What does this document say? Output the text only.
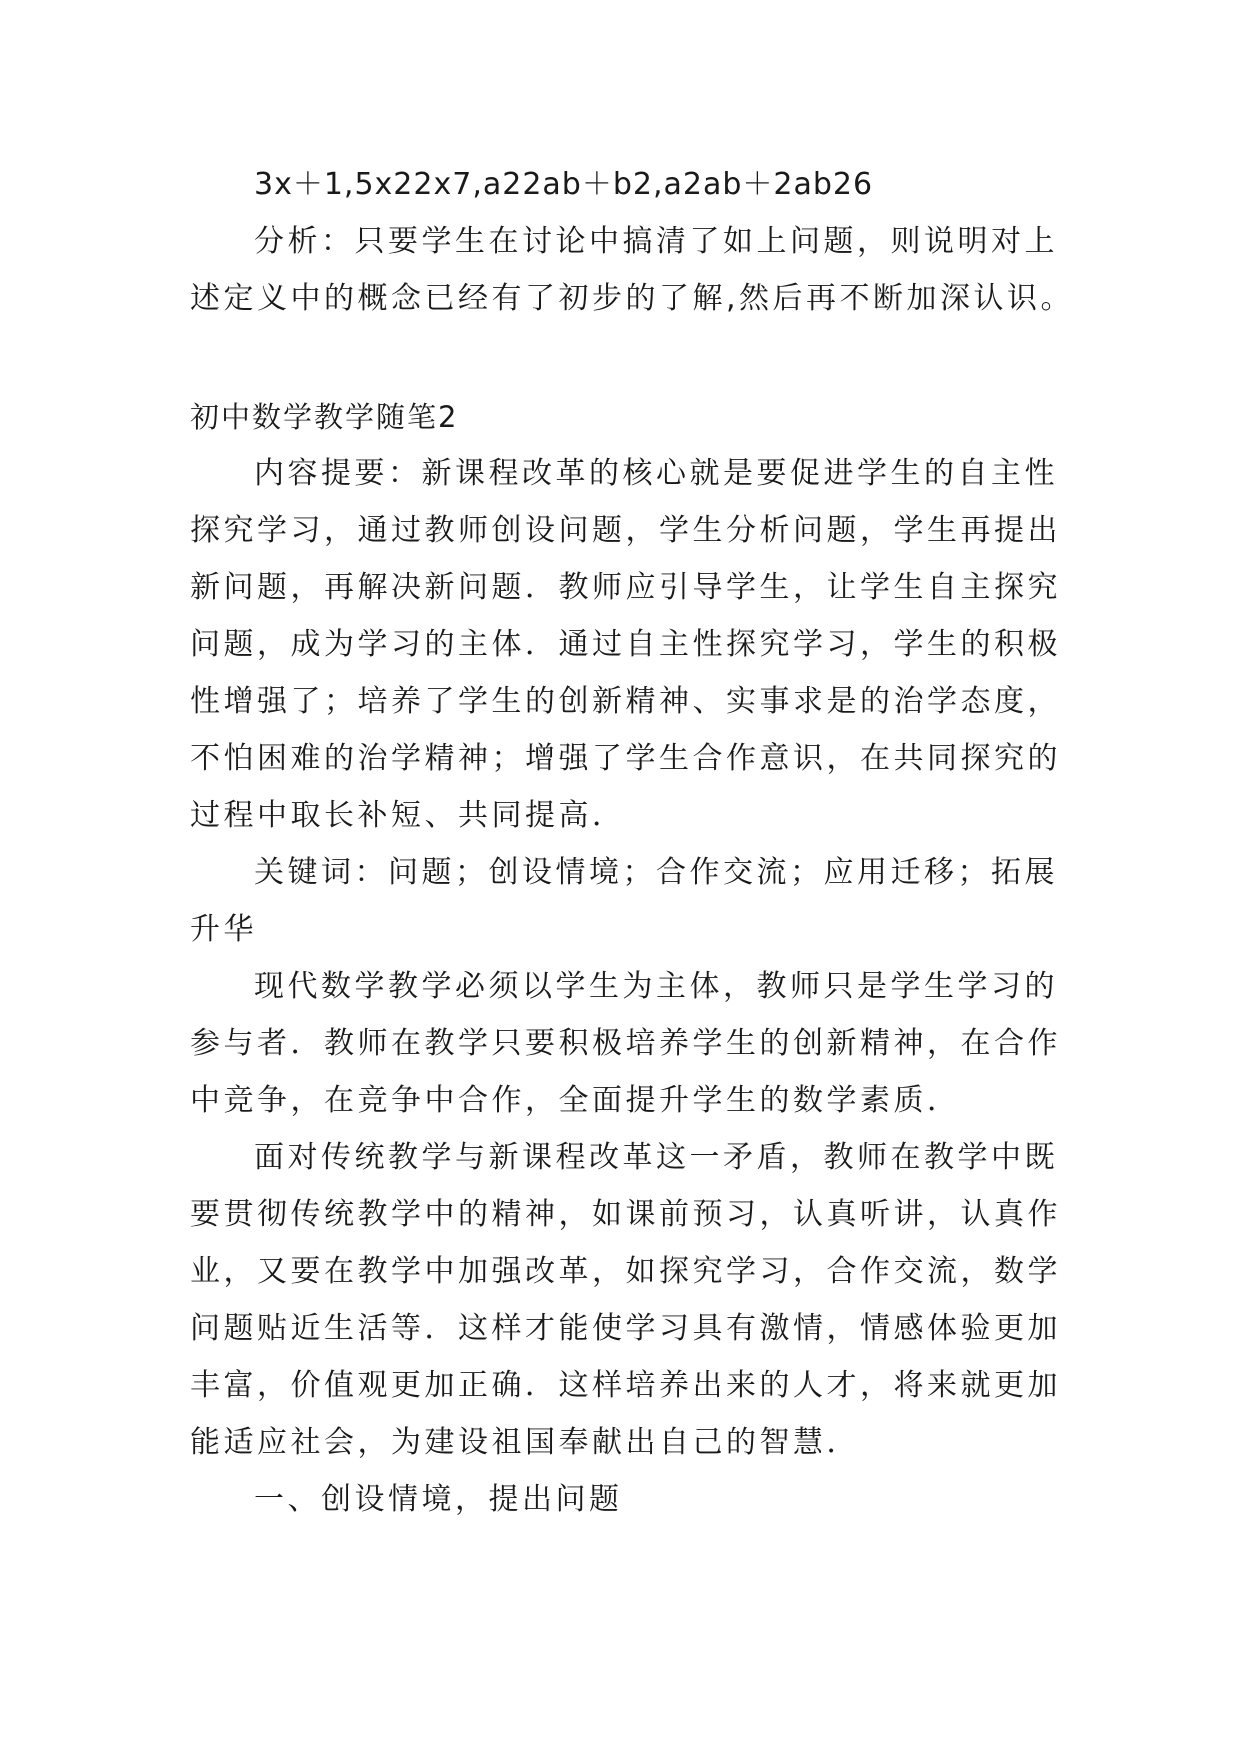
3x＋1,5x22x7,a22ab＋b2,a2ab＋2ab26
分析：只要学生在讨论中搞清了如上问题，则说明对上
述定义中的概念已经有了初步的了解,然后再不断加深认识。
初中数学教学随笔2
内容提要：新课程改革的核心就是要促进学生的自主性
探究学习，通过教师创设问题，学生分析问题，学生再提出
新问题，再解决新问题．教师应引导学生，让学生自主探究
问题，成为学习的主体．通过自主性探究学习，学生的积极
性增强了；培养了学生的创新精神、实事求是的治学态度，
不怕困难的治学精神；增强了学生合作意识，在共同探究的
过程中取长补短、共同提高．
关键词：问题；创设情境；合作交流；应用迁移；拓展
升华
现代数学教学必须以学生为主体，教师只是学生学习的
参与者．教师在教学只要积极培养学生的创新精神，在合作
中竞争，在竞争中合作，全面提升学生的数学素质．
面对传统教学与新课程改革这一矛盾，教师在教学中既
要贯彻传统教学中的精神，如课前预习，认真听讲，认真作
业，又要在教学中加强改革，如探究学习，合作交流，数学
问题贴近生活等．这样才能使学习具有激情，情感体验更加
丰富，价值观更加正确．这样培养出来的人才，将来就更加
能适应社会，为建设祖国奉献出自己的智慧．
一、创设情境，提出问题
